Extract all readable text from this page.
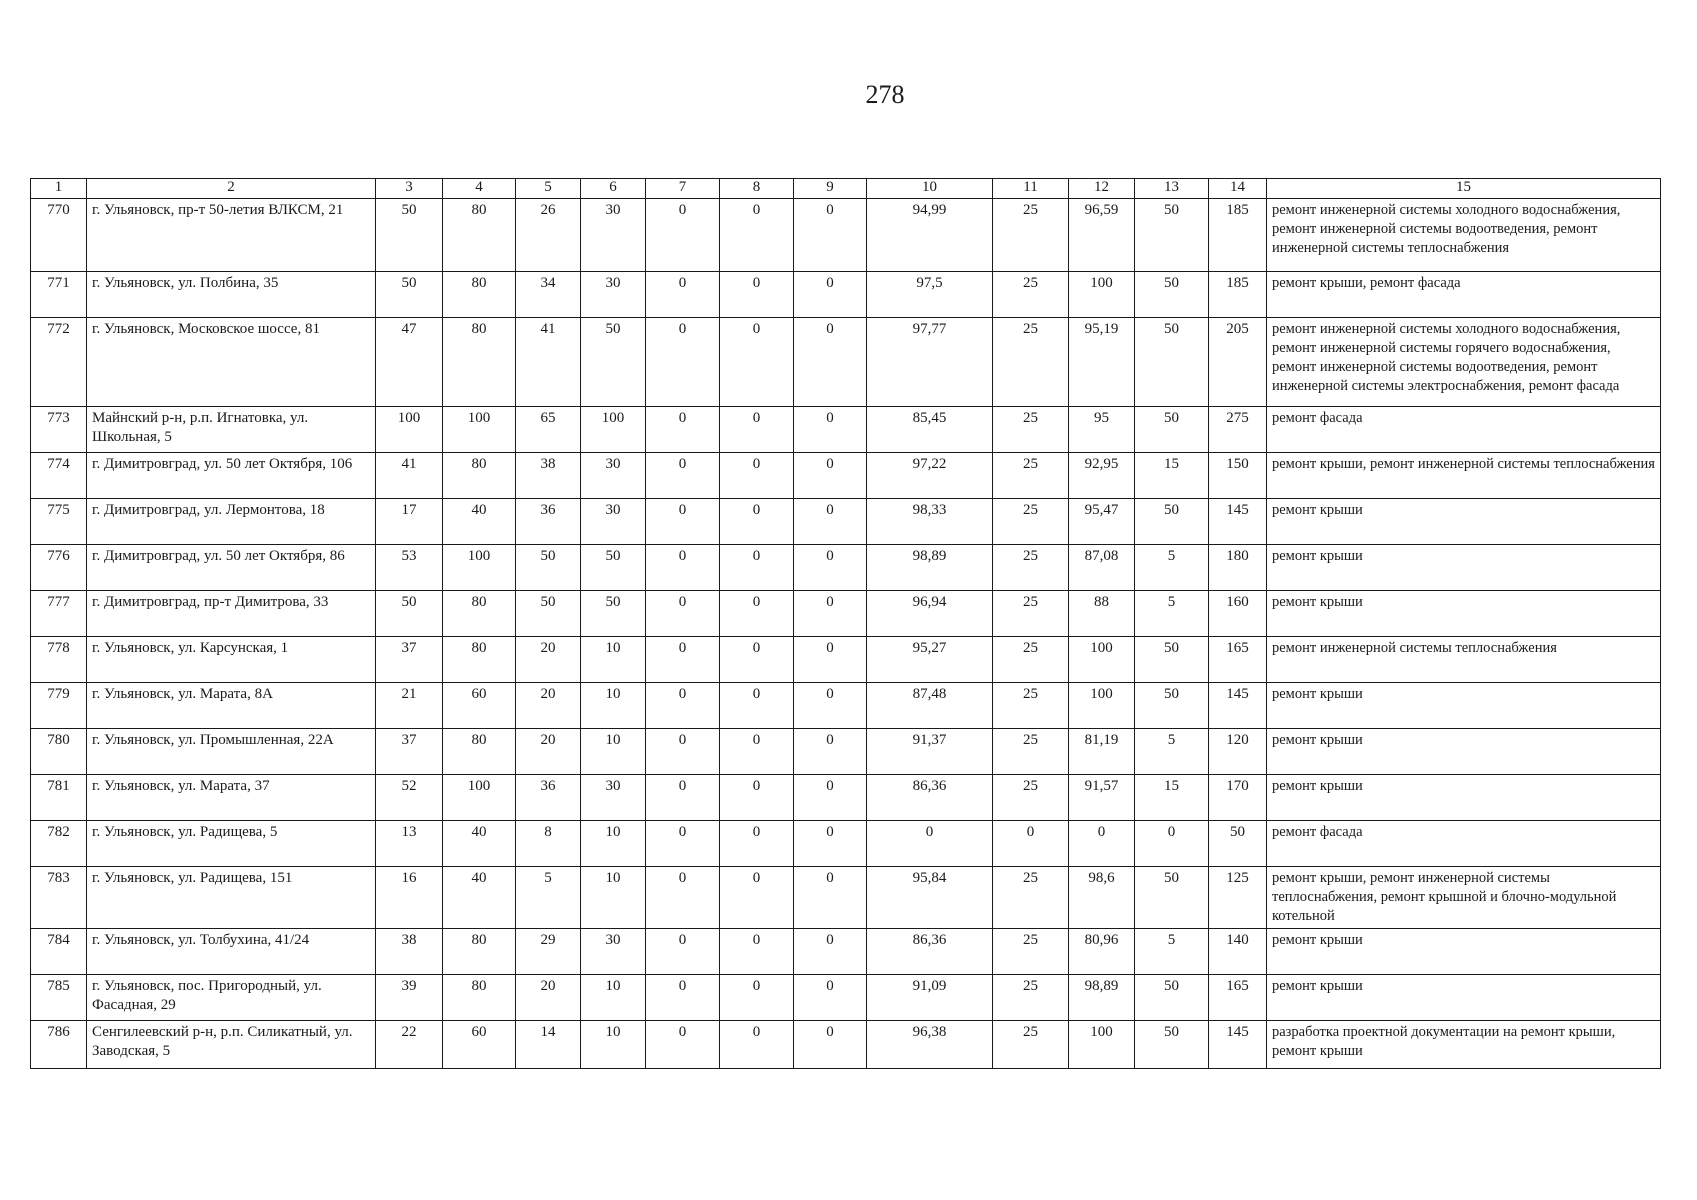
278
1	2	3	4	5	6	7	8	9	10	11	12	13	14	15
770	г. Ульяновск, пр-т 50-летия ВЛКСМ, 21	50	80	26	30	0	0	0	94,99	25	96,59	50	185	ремонт инженерной системы холодного водоснабжения, ремонт инженерной системы водоотведения, ремонт инженерной системы теплоснабжения
771	г. Ульяновск, ул. Полбина, 35	50	80	34	30	0	0	0	97,5	25	100	50	185	ремонт крыши, ремонт фасада
772	г. Ульяновск, Московское шоссе, 81	47	80	41	50	0	0	0	97,77	25	95,19	50	205	ремонт инженерной системы холодного водоснабжения, ремонт инженерной системы горячего водоснабжения, ремонт инженерной системы водоотведения, ремонт инженерной системы электроснабжения, ремонт фасада
773	Майнский р-н, р.п. Игнатовка, ул. Школьная, 5	100	100	65	100	0	0	0	85,45	25	95	50	275	ремонт фасада
774	г. Димитровград, ул. 50 лет Октября, 106	41	80	38	30	0	0	0	97,22	25	92,95	15	150	ремонт крыши, ремонт инженерной системы теплоснабжения
775	г. Димитровград, ул. Лермонтова, 18	17	40	36	30	0	0	0	98,33	25	95,47	50	145	ремонт крыши
776	г. Димитровград, ул. 50 лет Октября, 86	53	100	50	50	0	0	0	98,89	25	87,08	5	180	ремонт крыши
777	г. Димитровград, пр-т Димитрова, 33	50	80	50	50	0	0	0	96,94	25	88	5	160	ремонт крыши
778	г. Ульяновск, ул. Карсунская, 1	37	80	20	10	0	0	0	95,27	25	100	50	165	ремонт инженерной системы теплоснабжения
779	г. Ульяновск, ул. Марата, 8А	21	60	20	10	0	0	0	87,48	25	100	50	145	ремонт крыши
780	г. Ульяновск, ул. Промышленная, 22А	37	80	20	10	0	0	0	91,37	25	81,19	5	120	ремонт крыши
781	г. Ульяновск, ул. Марата, 37	52	100	36	30	0	0	0	86,36	25	91,57	15	170	ремонт крыши
782	г. Ульяновск, ул. Радищева, 5	13	40	8	10	0	0	0	0	0	0	0	50	ремонт фасада
783	г. Ульяновск, ул. Радищева, 151	16	40	5	10	0	0	0	95,84	25	98,6	50	125	ремонт крыши, ремонт инженерной системы теплоснабжения, ремонт крышной и блочно-модульной котельной
784	г. Ульяновск, ул. Толбухина, 41/24	38	80	29	30	0	0	0	86,36	25	80,96	5	140	ремонт крыши
785	г. Ульяновск, пос. Пригородный, ул. Фасадная, 29	39	80	20	10	0	0	0	91,09	25	98,89	50	165	ремонт крыши
786	Сенгилеевский р-н, р.п. Силикатный, ул. Заводская, 5	22	60	14	10	0	0	0	96,38	25	100	50	145	разработка проектной документации на ремонт крыши, ремонт крыши
